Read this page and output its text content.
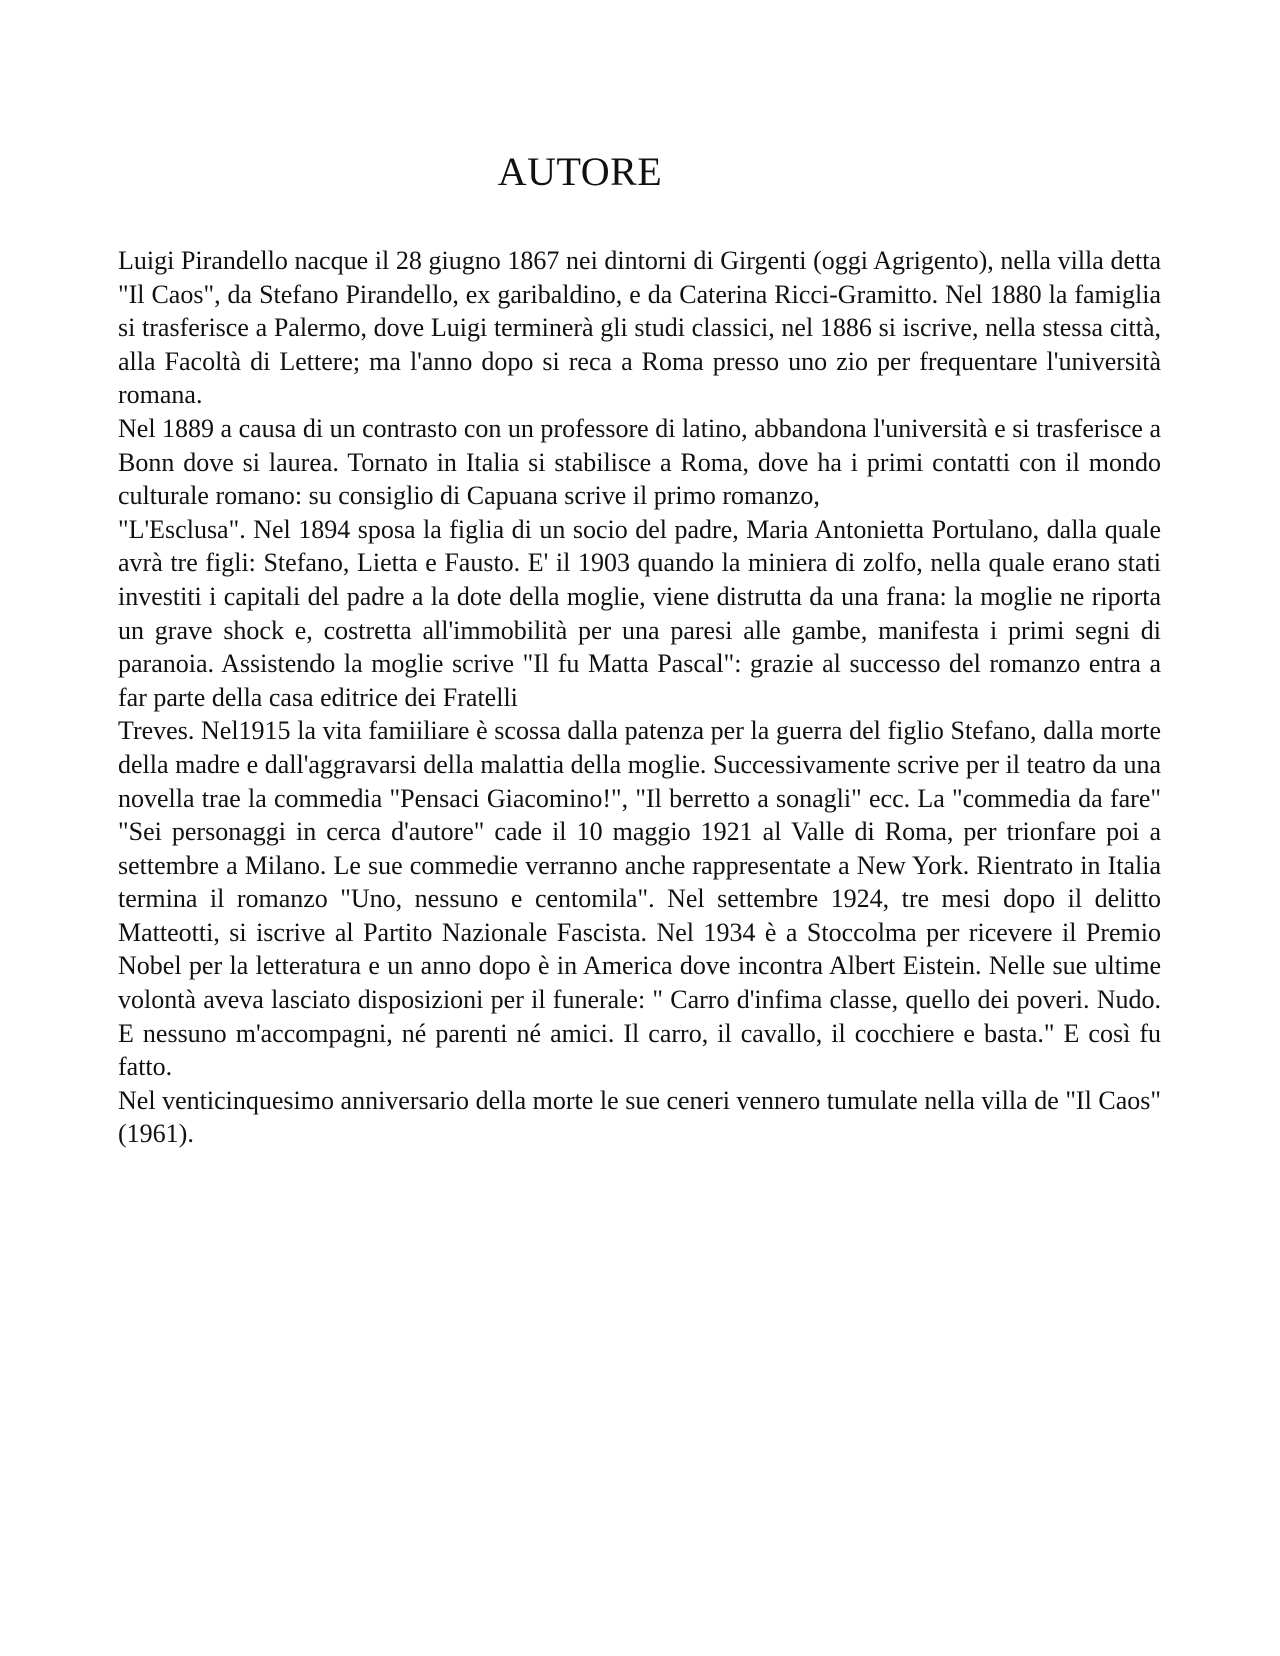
AUTORE

Luigi Pirandello nacque il 28 giugno 1867 nei dintorni di Girgenti (oggi Agrigento), nella villa detta "Il Caos", da Stefano Pirandello, ex garibaldino, e da Caterina Ricci-Gramitto. Nel 1880 la famiglia si trasferisce a Palermo, dove Luigi terminerà gli studi classici, nel 1886 si iscrive, nella stessa città, alla Facoltà di Lettere; ma l'anno dopo si reca a Roma presso uno zio per frequentare l'università romana.

Nel 1889 a causa di un contrasto con un professore di latino, abbandona l'università e si trasferisce a Bonn dove si laurea. Tornato in Italia si stabilisce a Roma, dove ha i primi contatti con il mondo culturale romano: su consiglio di Capuana scrive il primo romanzo,

"L'Esclusa". Nel 1894 sposa la figlia di un socio del padre, Maria Antonietta Portulano, dalla quale avrà tre figli: Stefano, Lietta e Fausto. E' il 1903 quando la miniera di zolfo, nella quale erano stati investiti i capitali del padre a la dote della moglie, viene distrutta da una frana: la moglie ne riporta un grave shock e, costretta all'immobilità per una paresi alle gambe, manifesta i primi segni di paranoia. Assistendo la moglie scrive "Il fu Matta Pascal": grazie al successo del romanzo entra a far parte della casa editrice dei Fratelli

Treves. Nel1915 la vita famiiliare è scossa dalla patenza per la guerra del figlio Stefano, dalla morte della madre e dall'aggravarsi della malattia della moglie. Successivamente scrive per il teatro da una novella trae la commedia "Pensaci Giacomino!", "Il berretto a sonagli" ecc. La "commedia da fare" "Sei personaggi in cerca d'autore" cade il 10 maggio 1921 al Valle di Roma, per trionfare poi a settembre a Milano. Le sue commedie verranno anche rappresentate a New York. Rientrato in Italia termina il romanzo "Uno, nessuno e centomila". Nel settembre 1924, tre mesi dopo il delitto Matteotti, si iscrive al Partito Nazionale Fascista. Nel 1934 è a Stoccolma per ricevere il Premio Nobel per la letteratura e un anno dopo è in America dove incontra Albert Eistein. Nelle sue ultime volontà aveva lasciato disposizioni per il funerale: " Carro d'infima classe, quello dei poveri. Nudo. E nessuno m'accompagni, né parenti né amici. Il carro, il cavallo, il cocchiere e basta." E così fu fatto.

Nel venticinquesimo anniversario della morte le sue ceneri vennero tumulate nella villa de "Il Caos" (1961).
